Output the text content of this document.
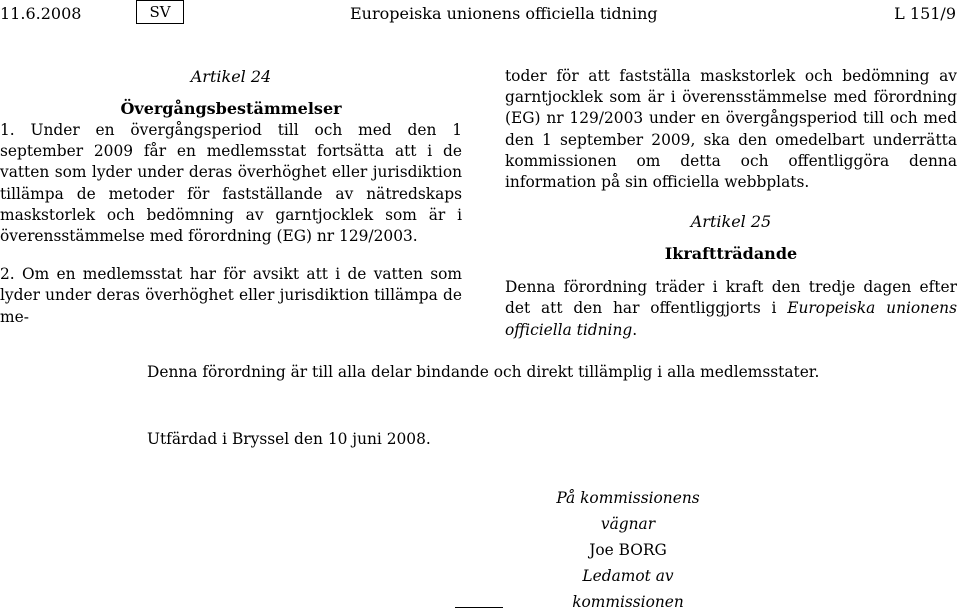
11.6.2008	SV	Europeiska unionens officiella tidning	L 151/9
Artikel 24
Övergångsbestämmelser

1. Under en övergångsperiod till och med den 1 september 2009 får en medlemsstat fortsätta att i de vatten som lyder under deras överhöghet eller jurisdiktion tillämpa de metoder för fastställande av nätredskaps maskstorlek och bedömning av garntjocklek som är i överensstämmelse med förordning (EG) nr 129/2003.

2. Om en medlemsstat har för avsikt att i de vatten som lyder under deras överhöghet eller jurisdiktion tillämpa de me-

toder för att fastställa maskstorlek och bedömning av garntjocklek som är i överensstämmelse med förordning (EG) nr 129/2003 under en övergångsperiod till och med den 1 september 2009, ska den omedelbart underrätta kommissionen om detta och offentliggöra denna information på sin officiella webbplats.

Artikel 25
Ikraftträdande

Denna förordning träder i kraft den tredje dagen efter det att den har offentliggjorts i Europeiska unionens officiella tidning.

Denna förordning är till alla delar bindande och direkt tillämplig i alla medlemsstater.
Utfärdad i Bryssel den 10 juni 2008.
På kommissionens vägnar
Joe BORG
Ledamot av kommissionen
